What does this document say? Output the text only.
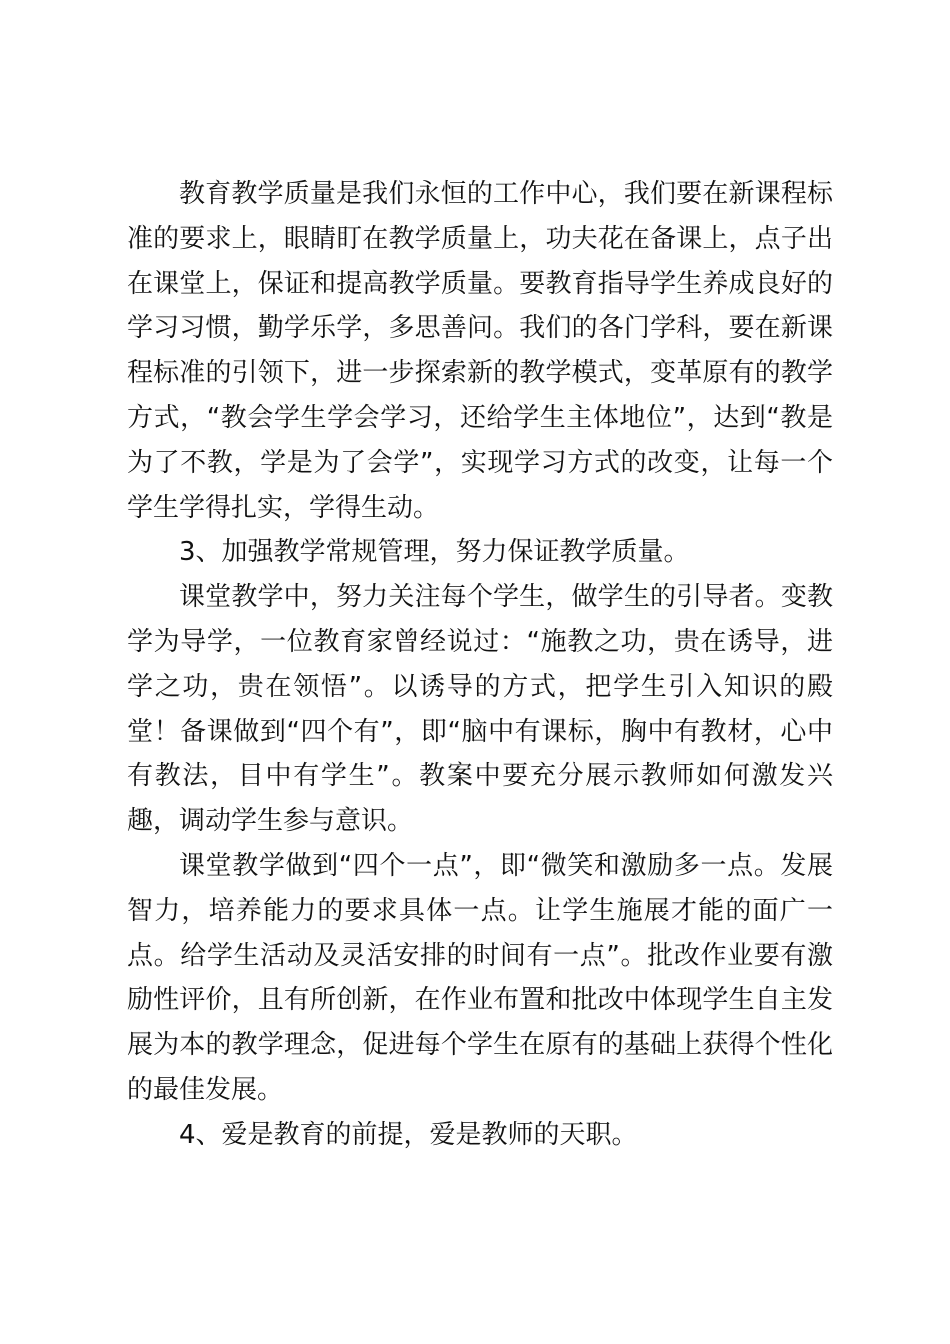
教育教学质量是我们永恒的工作中心，我们要在新课程标准的要求上，眼睛盯在教学质量上，功夫花在备课上，点子出在课堂上，保证和提高教学质量。要教育指导学生养成良好的学习习惯，勤学乐学，多思善问。我们的各门学科，要在新课程标准的引领下，进一步探索新的教学模式，变革原有的教学方式，“教会学生学会学习，还给学生主体地位”，达到“教是为了不教，学是为了会学”，实现学习方式的改变，让每一个学生学得扎实，学得生动。

3、加强教学常规管理，努力保证教学质量。

课堂教学中，努力关注每个学生，做学生的引导者。变教学为导学，一位教育家曾经说过：“施教之功，贵在诱导，进学之功，贵在领悟”。以诱导的方式，把学生引入知识的殿堂！备课做到“四个有”，即“脑中有课标，胸中有教材，心中有教法，目中有学生”。教案中要充分展示教师如何激发兴趣，调动学生参与意识。

课堂教学做到“四个一点”，即“微笑和激励多一点。发展智力，培养能力的要求具体一点。让学生施展才能的面广一点。给学生活动及灵活安排的时间有一点”。批改作业要有激励性评价，且有所创新，在作业布置和批改中体现学生自主发展为本的教学理念，促进每个学生在原有的基础上获得个性化的最佳发展。

4、爱是教育的前提，爱是教师的天职。
